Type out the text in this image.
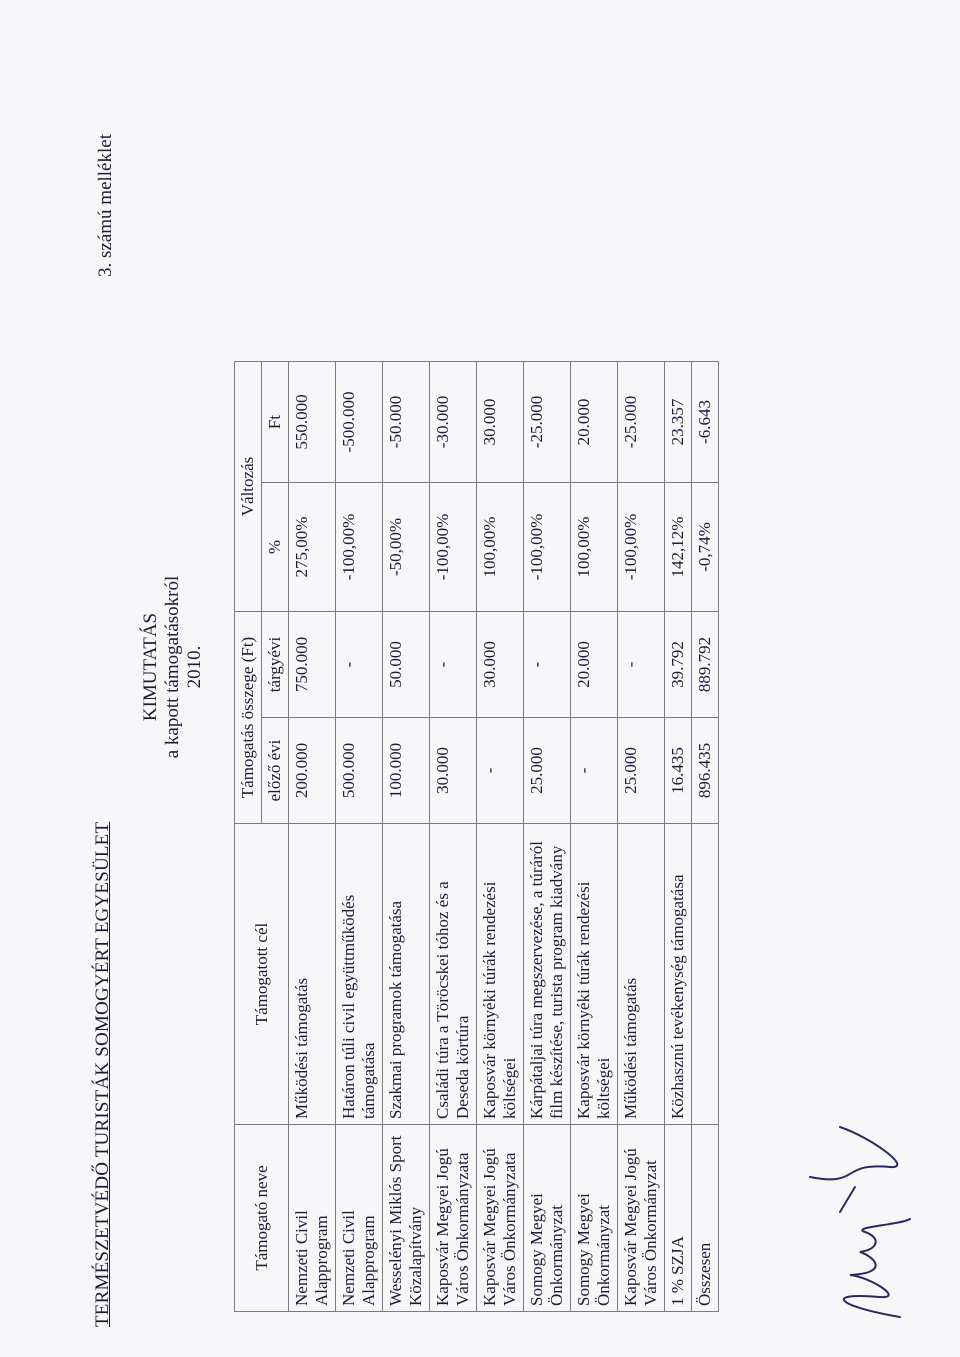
TERMÉSZETVÉDŐ TURISTÁK SOMOGYÉRT EGYESÜLET
3. számú melléklet
KIMUTATÁS a kapott támogatásokról 2010.
Támogató neve	Támogatott cél	Támogatás összege (Ft)		Változás	
		előző évi	tárgyévi	%	Ft
Nemzeti Civil Alapprogram	Működési támogatás	200.000	750.000	275,00%	550.000
Nemzeti Civil Alapprogram	Határon túli civil együttműködés támogatása	500.000	-	-100,00%	-500.000
Wesselényi Miklós Sport Közalapítvány	Szakmai programok támogatása	100.000	50.000	-50,00%	-50.000
Kaposvár Megyei Jogú Város Önkormányzata	Családi túra a Töröcskei tóhoz és a Deseda körtúra	30.000	-	-100,00%	-30.000
Kaposvár Megyei Jogú Város Önkormányzata	Kaposvár környéki túrák rendezési költségei	-	30.000	100,00%	30.000
Somogy Megyei Önkormányzat	Kárpátaljai túra megszervezése, a túráról film készítése, turista program kiadvány	25.000	-	-100,00%	-25.000
Somogy Megyei Önkormányzat	Kaposvár környéki túrák rendezési költségei	-	20.000	100,00%	20.000
Kaposvár Megyei Jogú Város Önkormányzat	Működési támogatás	25.000	-	-100,00%	-25.000
1 % SZJA	Közhasznú tevékenység támogatása	16.435	39.792	142,12%	23.357
Összesen		896.435	889.792	-0,74%	-6.643
